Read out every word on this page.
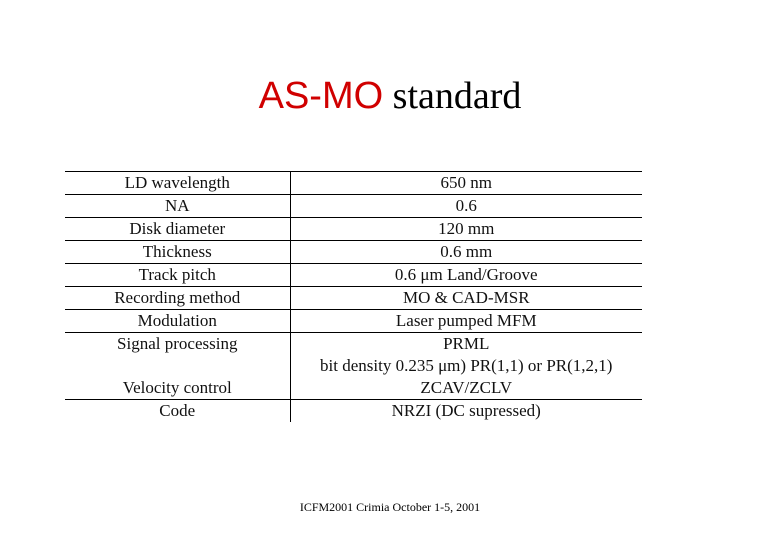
AS-MO standard
LD wavelength	650 nm
NA	0.6
Disk diameter	120 mm
Thickness	0.6 mm
Track pitch	0.6 μm Land/Groove
Recording method	MO & CAD-MSR
Modulation	Laser pumped MFM
Signal processing	PRML
	bit density 0.235 μm) PR(1,1) or PR(1,2,1)
Velocity control	ZCAV/ZCLV
Code	NRZI (DC supressed)
ICFM2001 Crimia October 1-5, 2001
